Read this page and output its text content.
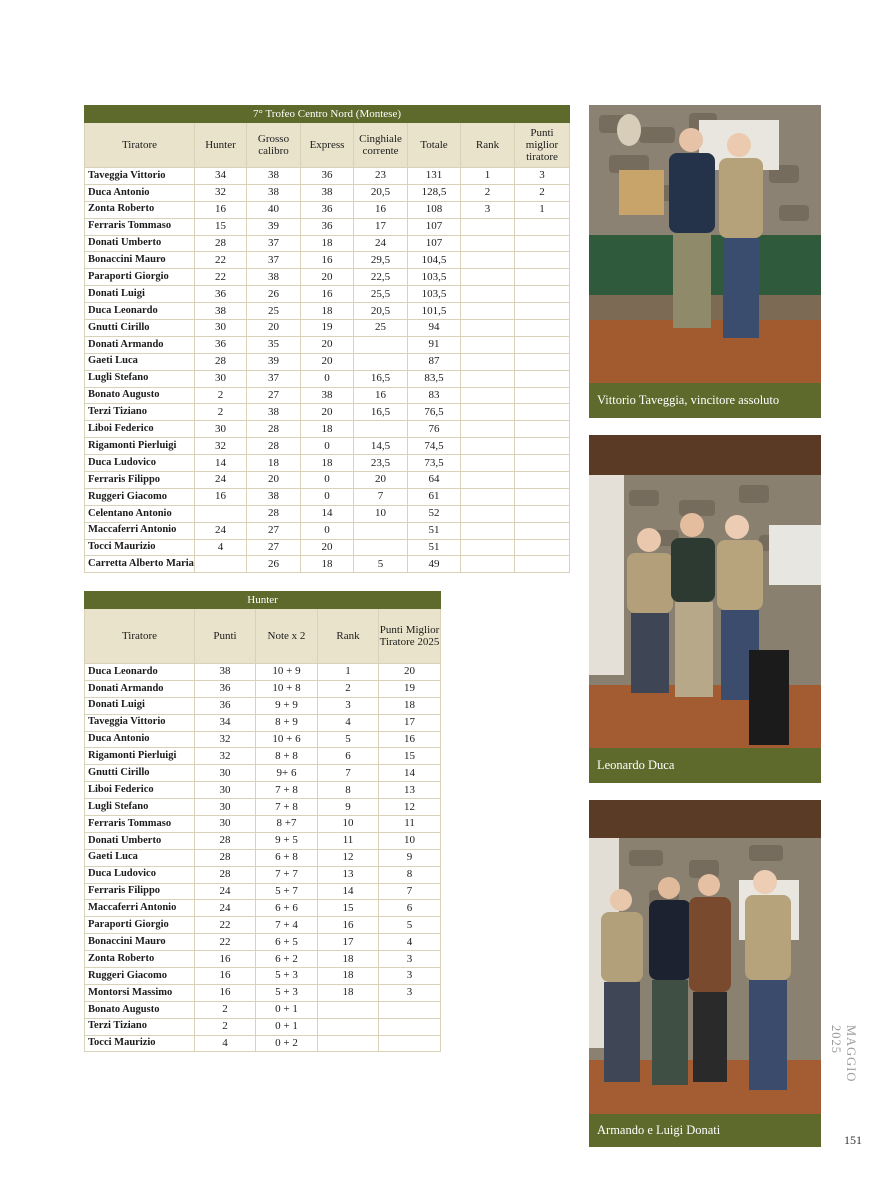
7° Trofeo Centro Nord (Montese)							
Tiratore	Hunter	Grosso calibro	Express	Cinghiale corrente	Totale	Rank	Punti miglior tiratore
Taveggia Vittorio	34	38	36	23	131	1	3
Duca Antonio	32	38	38	20,5	128,5	2	2
Zonta Roberto	16	40	36	16	108	3	1
Ferraris Tommaso	15	39	36	17	107		
Donati Umberto	28	37	18	24	107		
Bonaccini Mauro	22	37	16	29,5	104,5		
Paraporti Giorgio	22	38	20	22,5	103,5		
Donati Luigi	36	26	16	25,5	103,5		
Duca Leonardo	38	25	18	20,5	101,5		
Gnutti Cirillo	30	20	19	25	94		
Donati Armando	36	35	20		91		
Gaeti Luca	28	39	20		87		
Lugli Stefano	30	37	0	16,5	83,5		
Bonato Augusto	2	27	38	16	83		
Terzi Tiziano	2	38	20	16,5	76,5		
Liboi Federico	30	28	18		76		
Rigamonti Pierluigi	32	28	0	14,5	74,5		
Duca Ludovico	14	18	18	23,5	73,5		
Ferraris Filippo	24	20	0	20	64		
Ruggeri Giacomo	16	38	0	7	61		
Celentano Antonio		28	14	10	52		
Maccaferri Antonio	24	27	0		51		
Tocci Maurizio	4	27	20		51		
Carretta Alberto Maria		26	18	5	49		
Hunter				
Tiratore	Punti	Note x 2	Rank	Punti Miglior Tiratore 2025
Duca Leonardo	38	10 + 9	1	20
Donati Armando	36	10 + 8	2	19
Donati Luigi	36	9 + 9	3	18
Taveggia Vittorio	34	8 + 9	4	17
Duca Antonio	32	10 + 6	5	16
Rigamonti Pierluigi	32	8 + 8	6	15
Gnutti Cirillo	30	9+ 6	7	14
Liboi Federico	30	7 + 8	8	13
Lugli Stefano	30	7 + 8	9	12
Ferraris Tommaso	30	8 +7	10	11
Donati Umberto	28	9 + 5	11	10
Gaeti Luca	28	6 + 8	12	9
Duca Ludovico	28	7 + 7	13	8
Ferraris Filippo	24	5 + 7	14	7
Maccaferri Antonio	24	6 + 6	15	6
Paraporti Giorgio	22	7 + 4	16	5
Bonaccini Mauro	22	6 + 5	17	4
Zonta Roberto	16	6 + 2	18	3
Ruggeri Giacomo	16	5 + 3	18	3
Montorsi Massimo	16	5 + 3	18	3
Bonato Augusto	2	0 + 1		
Terzi Tiziano	2	0 + 1		
Tocci Maurizio	4	0 + 2		
Vittorio Taveggia, vincitore assoluto
Leonardo Duca
Armando e Luigi Donati
MAGGIO 2025
151
